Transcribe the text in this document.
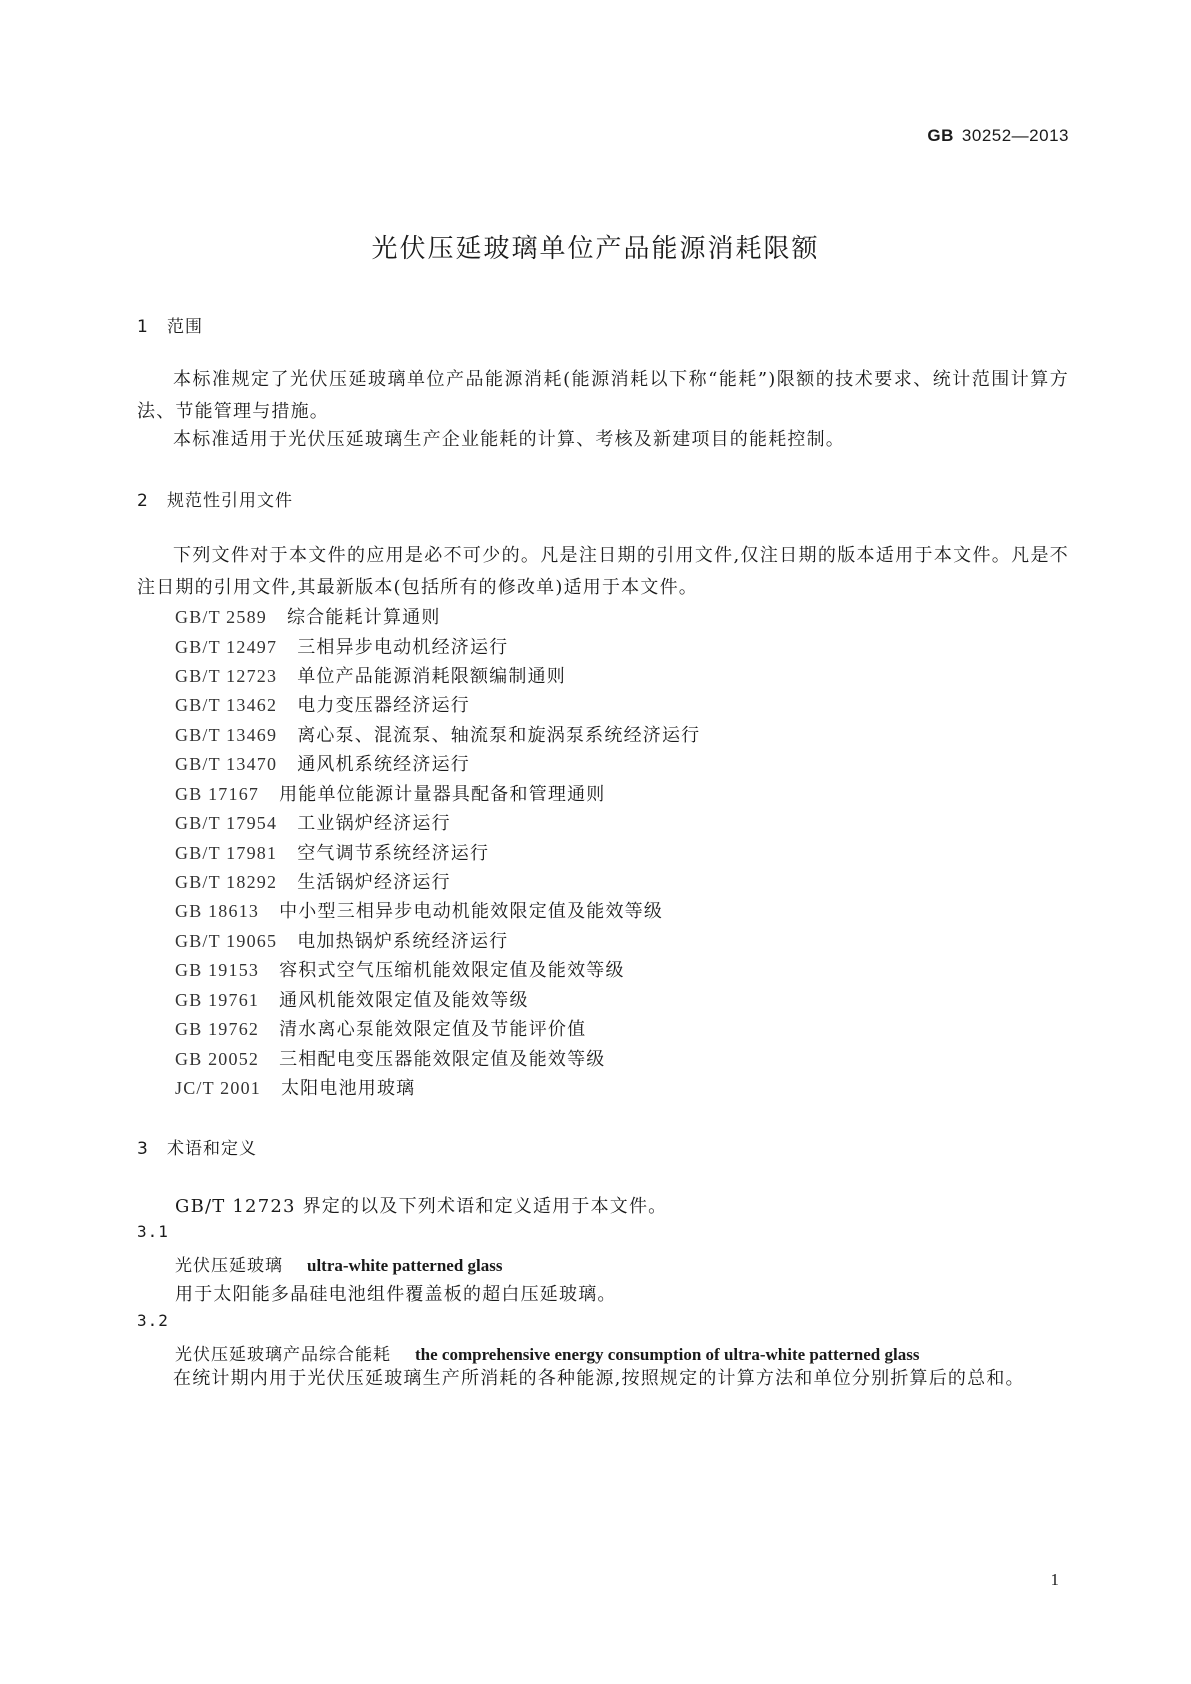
GB 30252—2013
光伏压延玻璃单位产品能源消耗限额
1 范围
本标准规定了光伏压延玻璃单位产品能源消耗(能源消耗以下称“能耗”)限额的技术要求、统计范围计算方法、节能管理与措施。
本标准适用于光伏压延玻璃生产企业能耗的计算、考核及新建项目的能耗控制。
2 规范性引用文件
下列文件对于本文件的应用是必不可少的。凡是注日期的引用文件,仅注日期的版本适用于本文件。凡是不注日期的引用文件,其最新版本(包括所有的修改单)适用于本文件。
GB/T 2589 综合能耗计算通则
GB/T 12497 三相异步电动机经济运行
GB/T 12723 单位产品能源消耗限额编制通则
GB/T 13462 电力变压器经济运行
GB/T 13469 离心泵、混流泵、轴流泵和旋涡泵系统经济运行
GB/T 13470 通风机系统经济运行
GB 17167 用能单位能源计量器具配备和管理通则
GB/T 17954 工业锅炉经济运行
GB/T 17981 空气调节系统经济运行
GB/T 18292 生活锅炉经济运行
GB 18613 中小型三相异步电动机能效限定值及能效等级
GB/T 19065 电加热锅炉系统经济运行
GB 19153 容积式空气压缩机能效限定值及能效等级
GB 19761 通风机能效限定值及能效等级
GB 19762 清水离心泵能效限定值及节能评价值
GB 20052 三相配电变压器能效限定值及能效等级
JC/T 2001 太阳电池用玻璃
3 术语和定义
GB/T 12723 界定的以及下列术语和定义适用于本文件。
3.1
光伏压延玻璃 ultra-white patterned glass
用于太阳能多晶硅电池组件覆盖板的超白压延玻璃。
3.2
光伏压延玻璃产品综合能耗 the comprehensive energy consumption of ultra-white patterned glass
在统计期内用于光伏压延玻璃生产所消耗的各种能源,按照规定的计算方法和单位分别折算后的总和。
1
